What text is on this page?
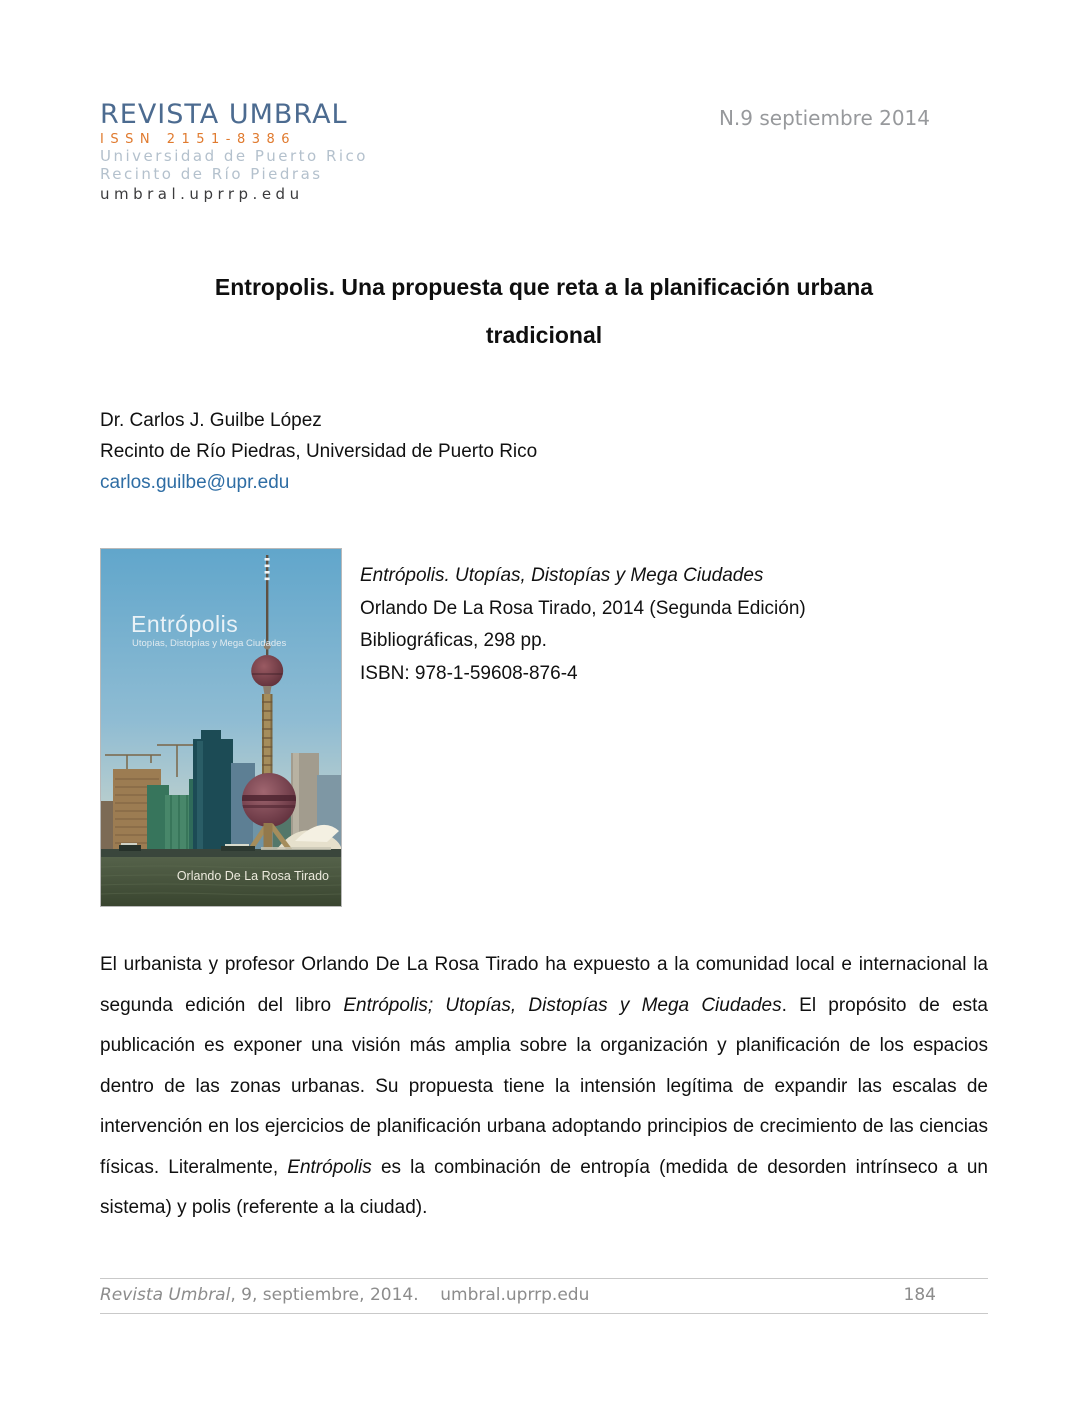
REVISTA UMBRAL
ISSN 2151-8386
Universidad de Puerto Rico
Recinto de Río Piedras
umbral.uprrp.edu
N.9 septiembre 2014
Entropolis. Una propuesta que reta a la planificación urbana
tradicional
Dr. Carlos J. Guilbe López
Recinto de Río Piedras, Universidad de Puerto Rico
carlos.guilbe@upr.edu
Entrópolis
Utopías, Distopías y Mega Ciudades
Orlando De La Rosa Tirado
Entrópolis. Utopías, Distopías y Mega Ciudades
Orlando De La Rosa Tirado, 2014 (Segunda Edición)
Bibliográficas, 298 pp.
ISBN: 978-1-59608-876-4

El urbanista y profesor Orlando De La Rosa Tirado ha expuesto a la comunidad local e internacional la segunda edición del libro Entrópolis; Utopías, Distopías y Mega Ciudades. El propósito de esta publicación es exponer una visión más amplia sobre la organización y planificación de los espacios dentro de las zonas urbanas. Su propuesta tiene la intensión legítima de expandir las escalas de intervención en los ejercicios de planificación urbana adoptando principios de crecimiento de las ciencias físicas. Literalmente, Entrópolis es la combinación de entropía (medida de desorden intrínseco a un sistema) y polis (referente a la ciudad).

Revista Umbral, 9, septiembre, 2014.    umbral.uprrp.edu	184
